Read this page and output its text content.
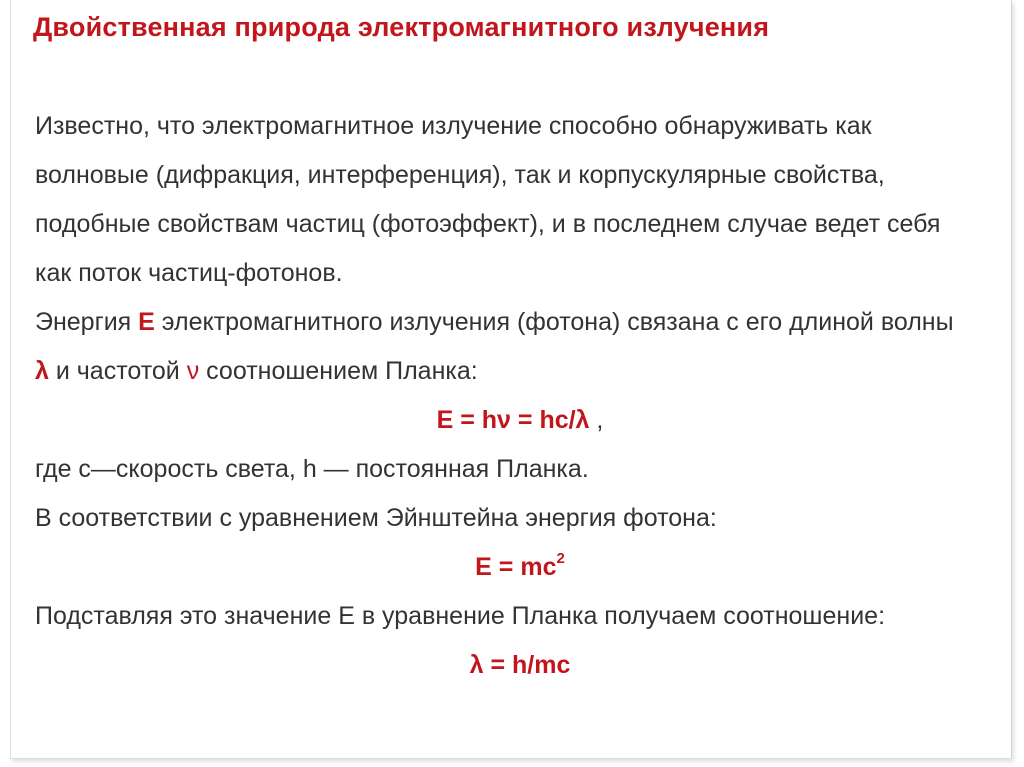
Двойственная природа электромагнитного излучения
Известно, что электромагнитное излучение способно обнаруживать как
волновые (дифракция, интерференция), так и корпускулярные свойства,
подобные свойствам частиц (фотоэффект), и в последнем случае ведет себя
как поток частиц-фотонов.
Энергия E электромагнитного излучения (фотона) связана с его длиной волны
λ и частотой ν соотношением Планка:
E = hν = hc/λ ,
где с—скорость света, h — постоянная Планка.
В соответствии с уравнением Эйнштейна энергия фотона:
$E = mc^2$
Подставляя это значение Е в уравнение Планка получаем соотношение:
λ = h/mc
